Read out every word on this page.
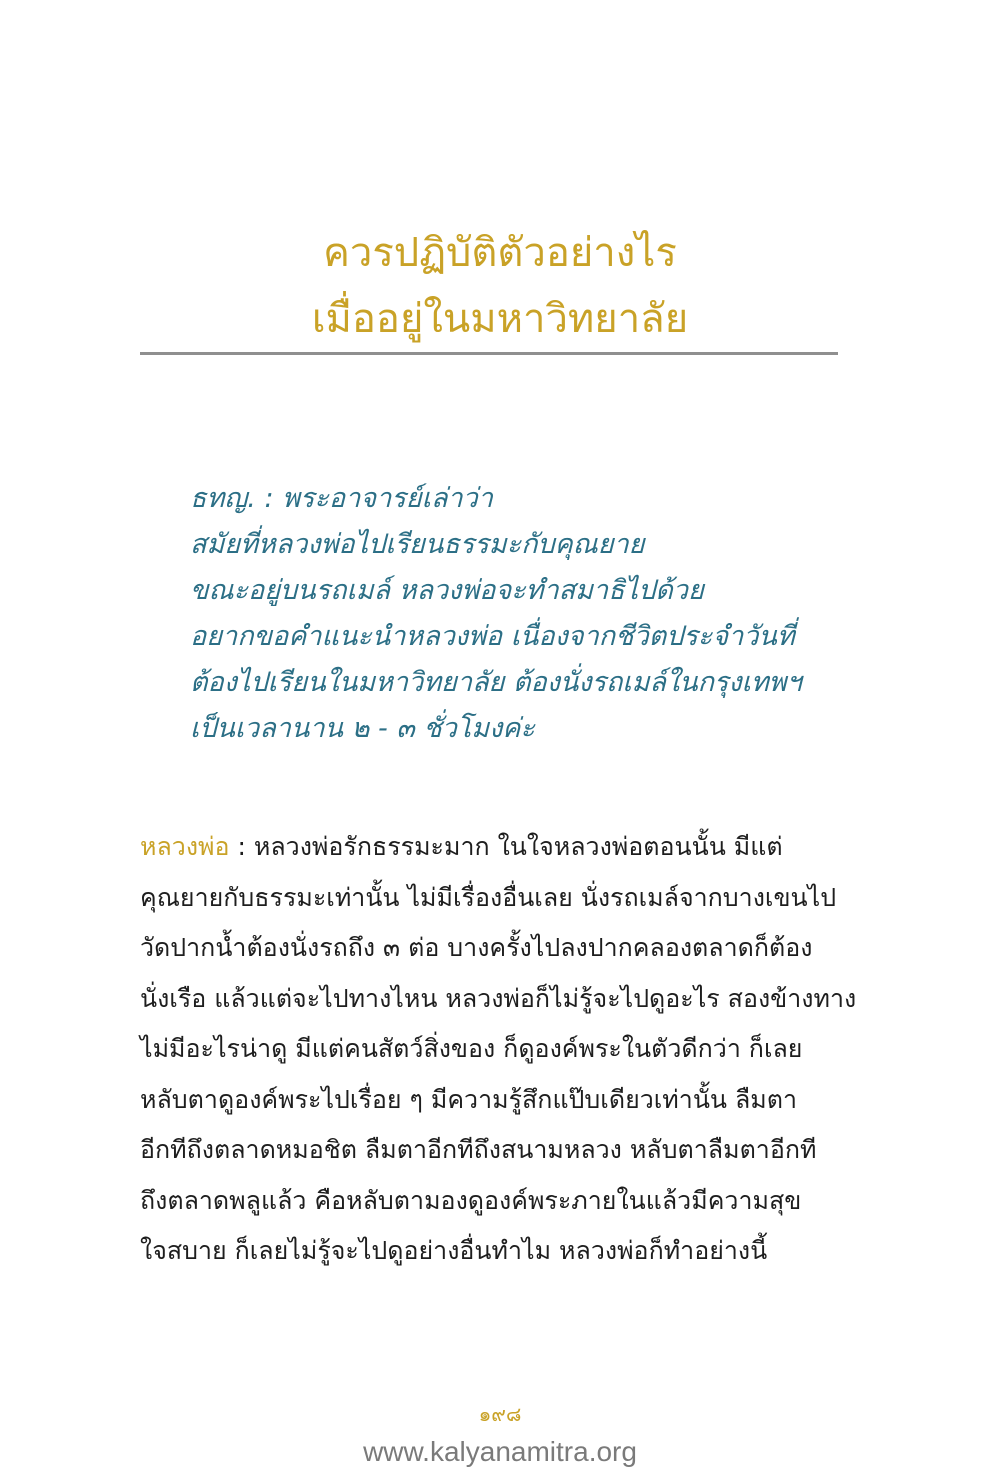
ควรปฏิบัติตัวอย่างไร
เมื่ออยู่ในมหาวิทยาลัย
ธทญ. : พระอาจารย์เล่าว่า
สมัยที่หลวงพ่อไปเรียนธรรมะกับคุณยาย
ขณะอยู่บนรถเมล์ หลวงพ่อจะทำสมาธิไปด้วย
อยากขอคำแนะนำหลวงพ่อ เนื่องจากชีวิตประจำวันที่
ต้องไปเรียนในมหาวิทยาลัย ต้องนั่งรถเมล์ในกรุงเทพฯ
เป็นเวลานาน ๒ - ๓ ชั่วโมงค่ะ
หลวงพ่อ : หลวงพ่อรักธรรมะมาก ในใจหลวงพ่อตอนนั้น มีแต่
คุณยายกับธรรมะเท่านั้น ไม่มีเรื่องอื่นเลย นั่งรถเมล์จากบางเขนไป
วัดปากน้ำต้องนั่งรถถึง ๓ ต่อ บางครั้งไปลงปากคลองตลาดก็ต้อง
นั่งเรือ แล้วแต่จะไปทางไหน หลวงพ่อก็ไม่รู้จะไปดูอะไร สองข้างทาง
ไม่มีอะไรน่าดู มีแต่คนสัตว์สิ่งของ ก็ดูองค์พระในตัวดีกว่า ก็เลย
หลับตาดูองค์พระไปเรื่อย ๆ มีความรู้สึกแป๊บเดียวเท่านั้น ลืมตา
อีกทีถึงตลาดหมอชิต ลืมตาอีกทีถึงสนามหลวง หลับตาลืมตาอีกที
ถึงตลาดพลูแล้ว คือหลับตามองดูองค์พระภายในแล้วมีความสุข
ใจสบาย ก็เลยไม่รู้จะไปดูอย่างอื่นทำไม หลวงพ่อก็ทำอย่างนี้
๑๙๘
www.kalyanamitra.org
